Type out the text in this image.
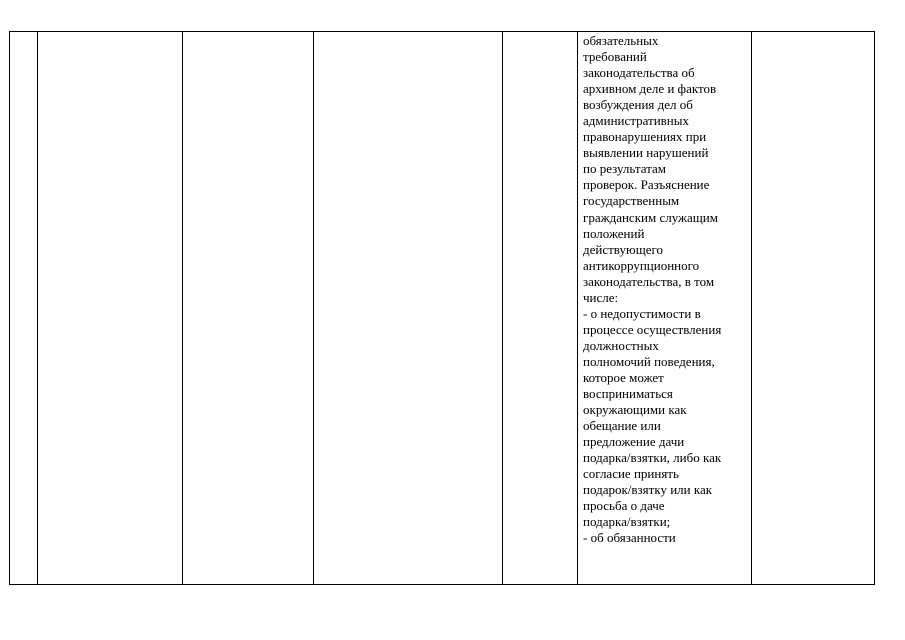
обязательных
требований
законодательства об
архивном деле и фактов
возбуждения дел об
административных
правонарушениях при
выявлении нарушений
по результатам
проверок. Разъяснение
государственным
гражданским служащим
положений
действующего
антикоррупционного
законодательства, в том
числе:
- о недопустимости в
процессе осуществления
должностных
полномочий поведения,
которое может
восприниматься
окружающими как
обещание или
предложение дачи
подарка/взятки, либо как
согласие принять
подарок/взятку или как
просьба о даче
подарка/взятки;
- об обязанности
